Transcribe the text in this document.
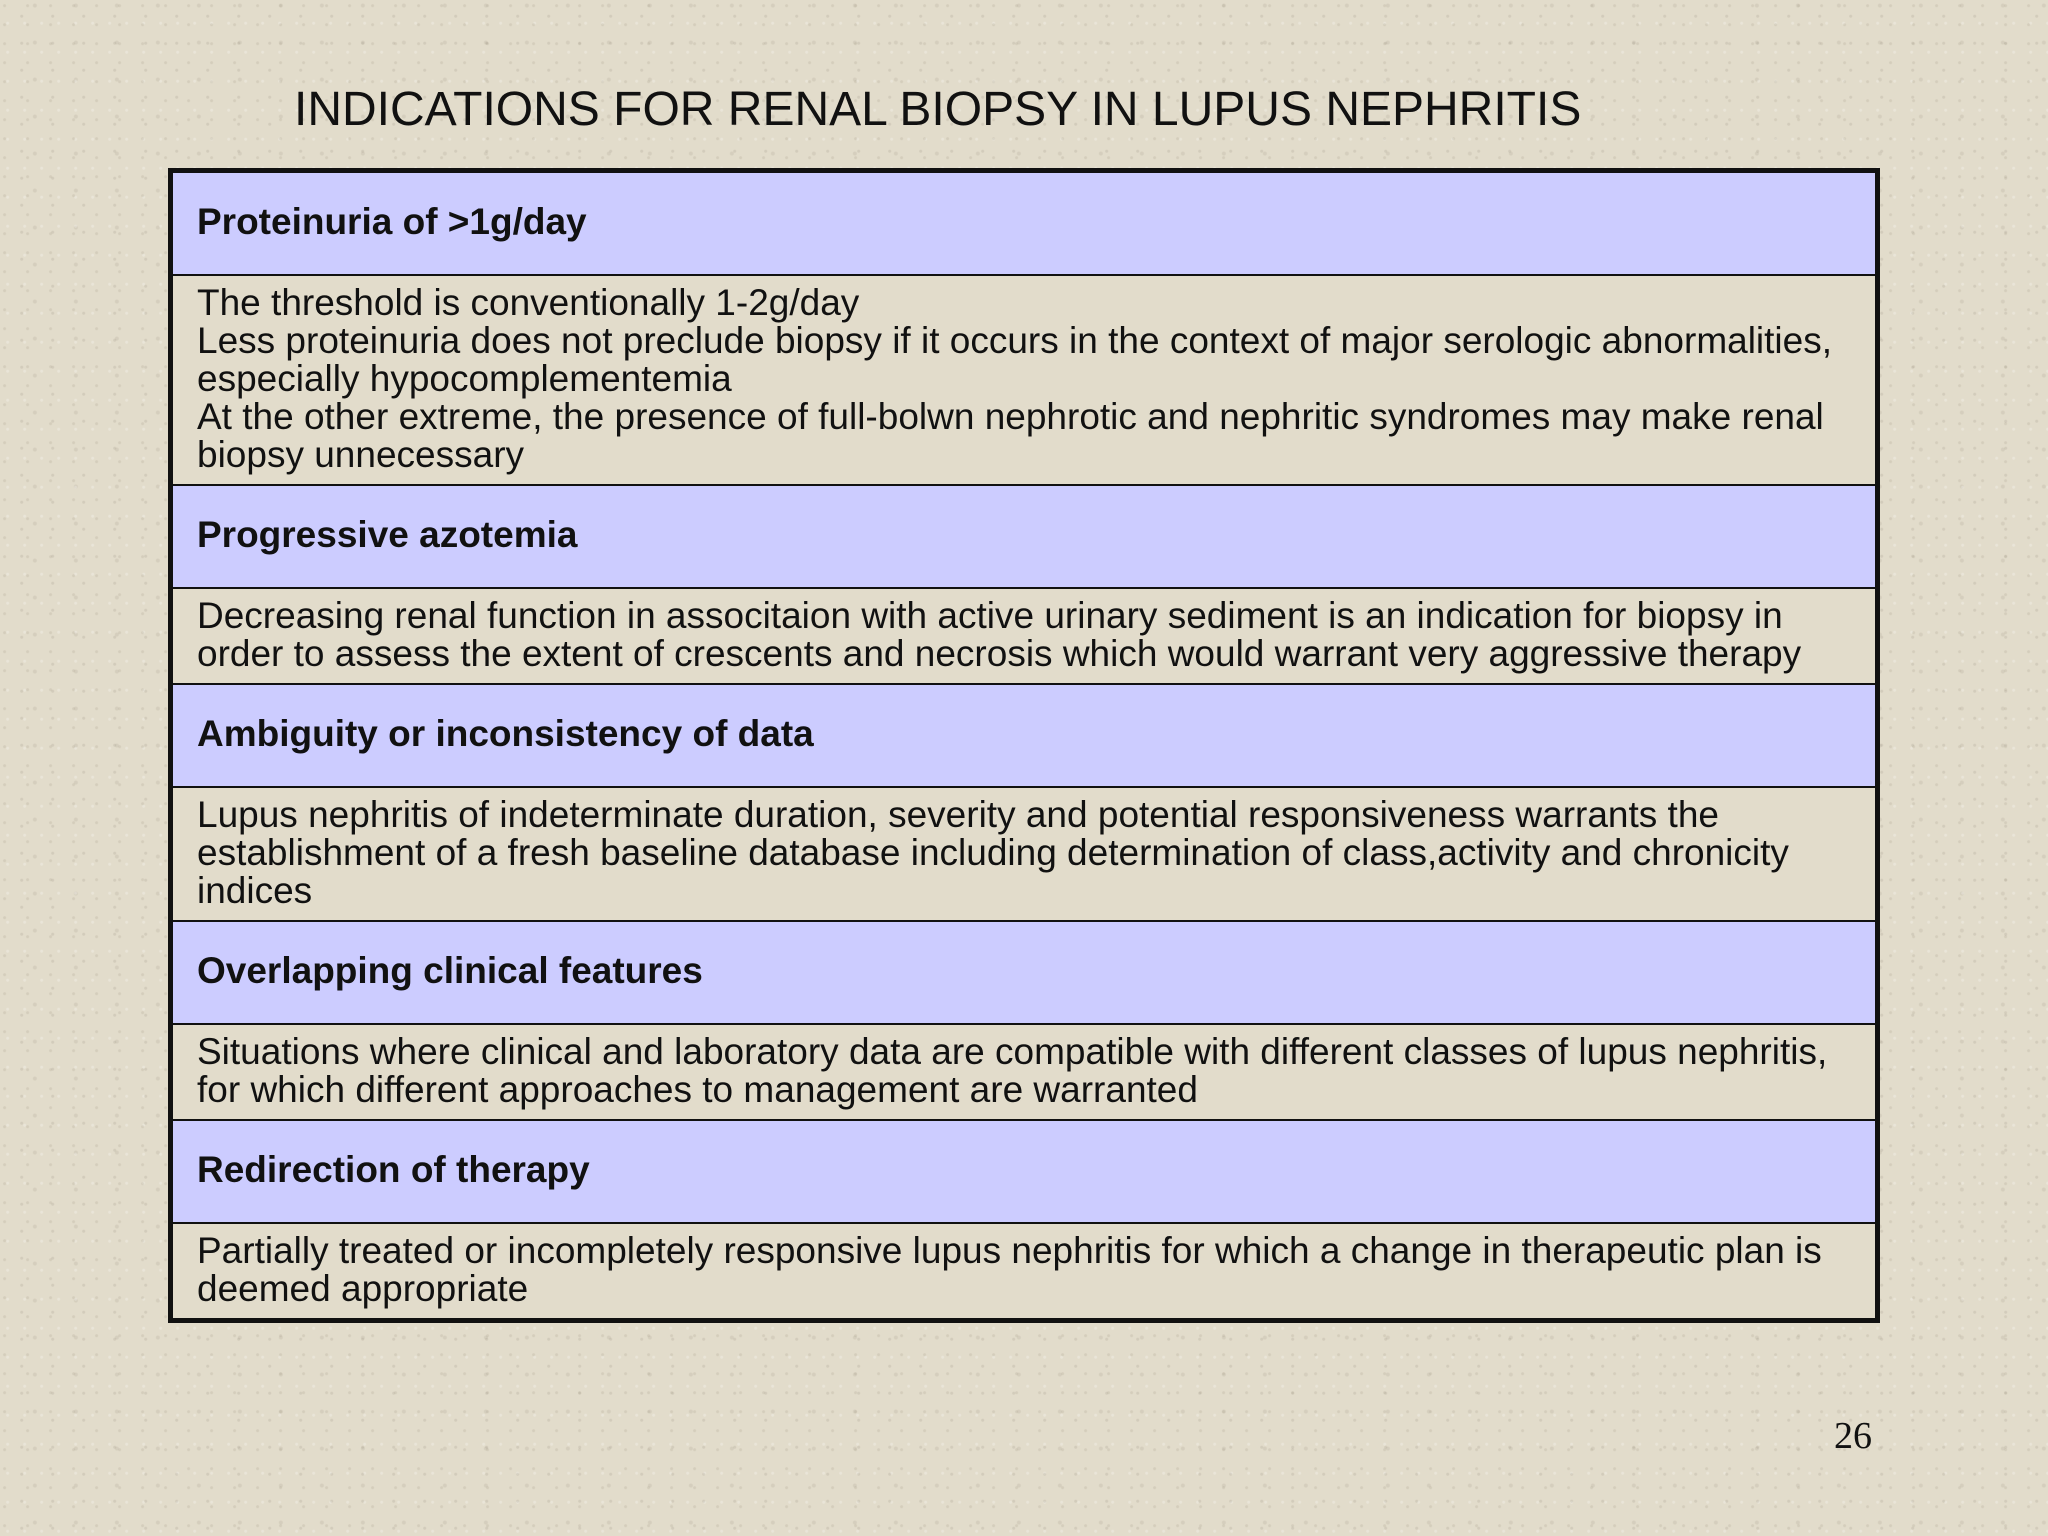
INDICATIONS FOR RENAL BIOPSY IN LUPUS NEPHRITIS
Proteinuria of >1g/day
The threshold is conventionally 1-2g/day
Less proteinuria does not preclude biopsy if it occurs in the context of major serologic abnormalities, especially hypocomplementemia
At the other extreme, the presence of full-bolwn nephrotic and nephritic syndromes may make renal biopsy unnecessary
Progressive azotemia
Decreasing renal function in associtaion with active urinary sediment is an indication for biopsy in order to assess the extent of crescents and necrosis which would warrant very aggressive therapy
Ambiguity or inconsistency of data
Lupus nephritis of indeterminate duration, severity and potential responsiveness warrants the establishment of a fresh baseline database including determination of class,activity and chronicity indices
Overlapping clinical features
Situations where clinical and laboratory data are compatible with different classes of lupus nephritis, for which different approaches to management are warranted
Redirection of therapy
Partially treated or incompletely responsive lupus nephritis for which a change in therapeutic plan is deemed appropriate
26
